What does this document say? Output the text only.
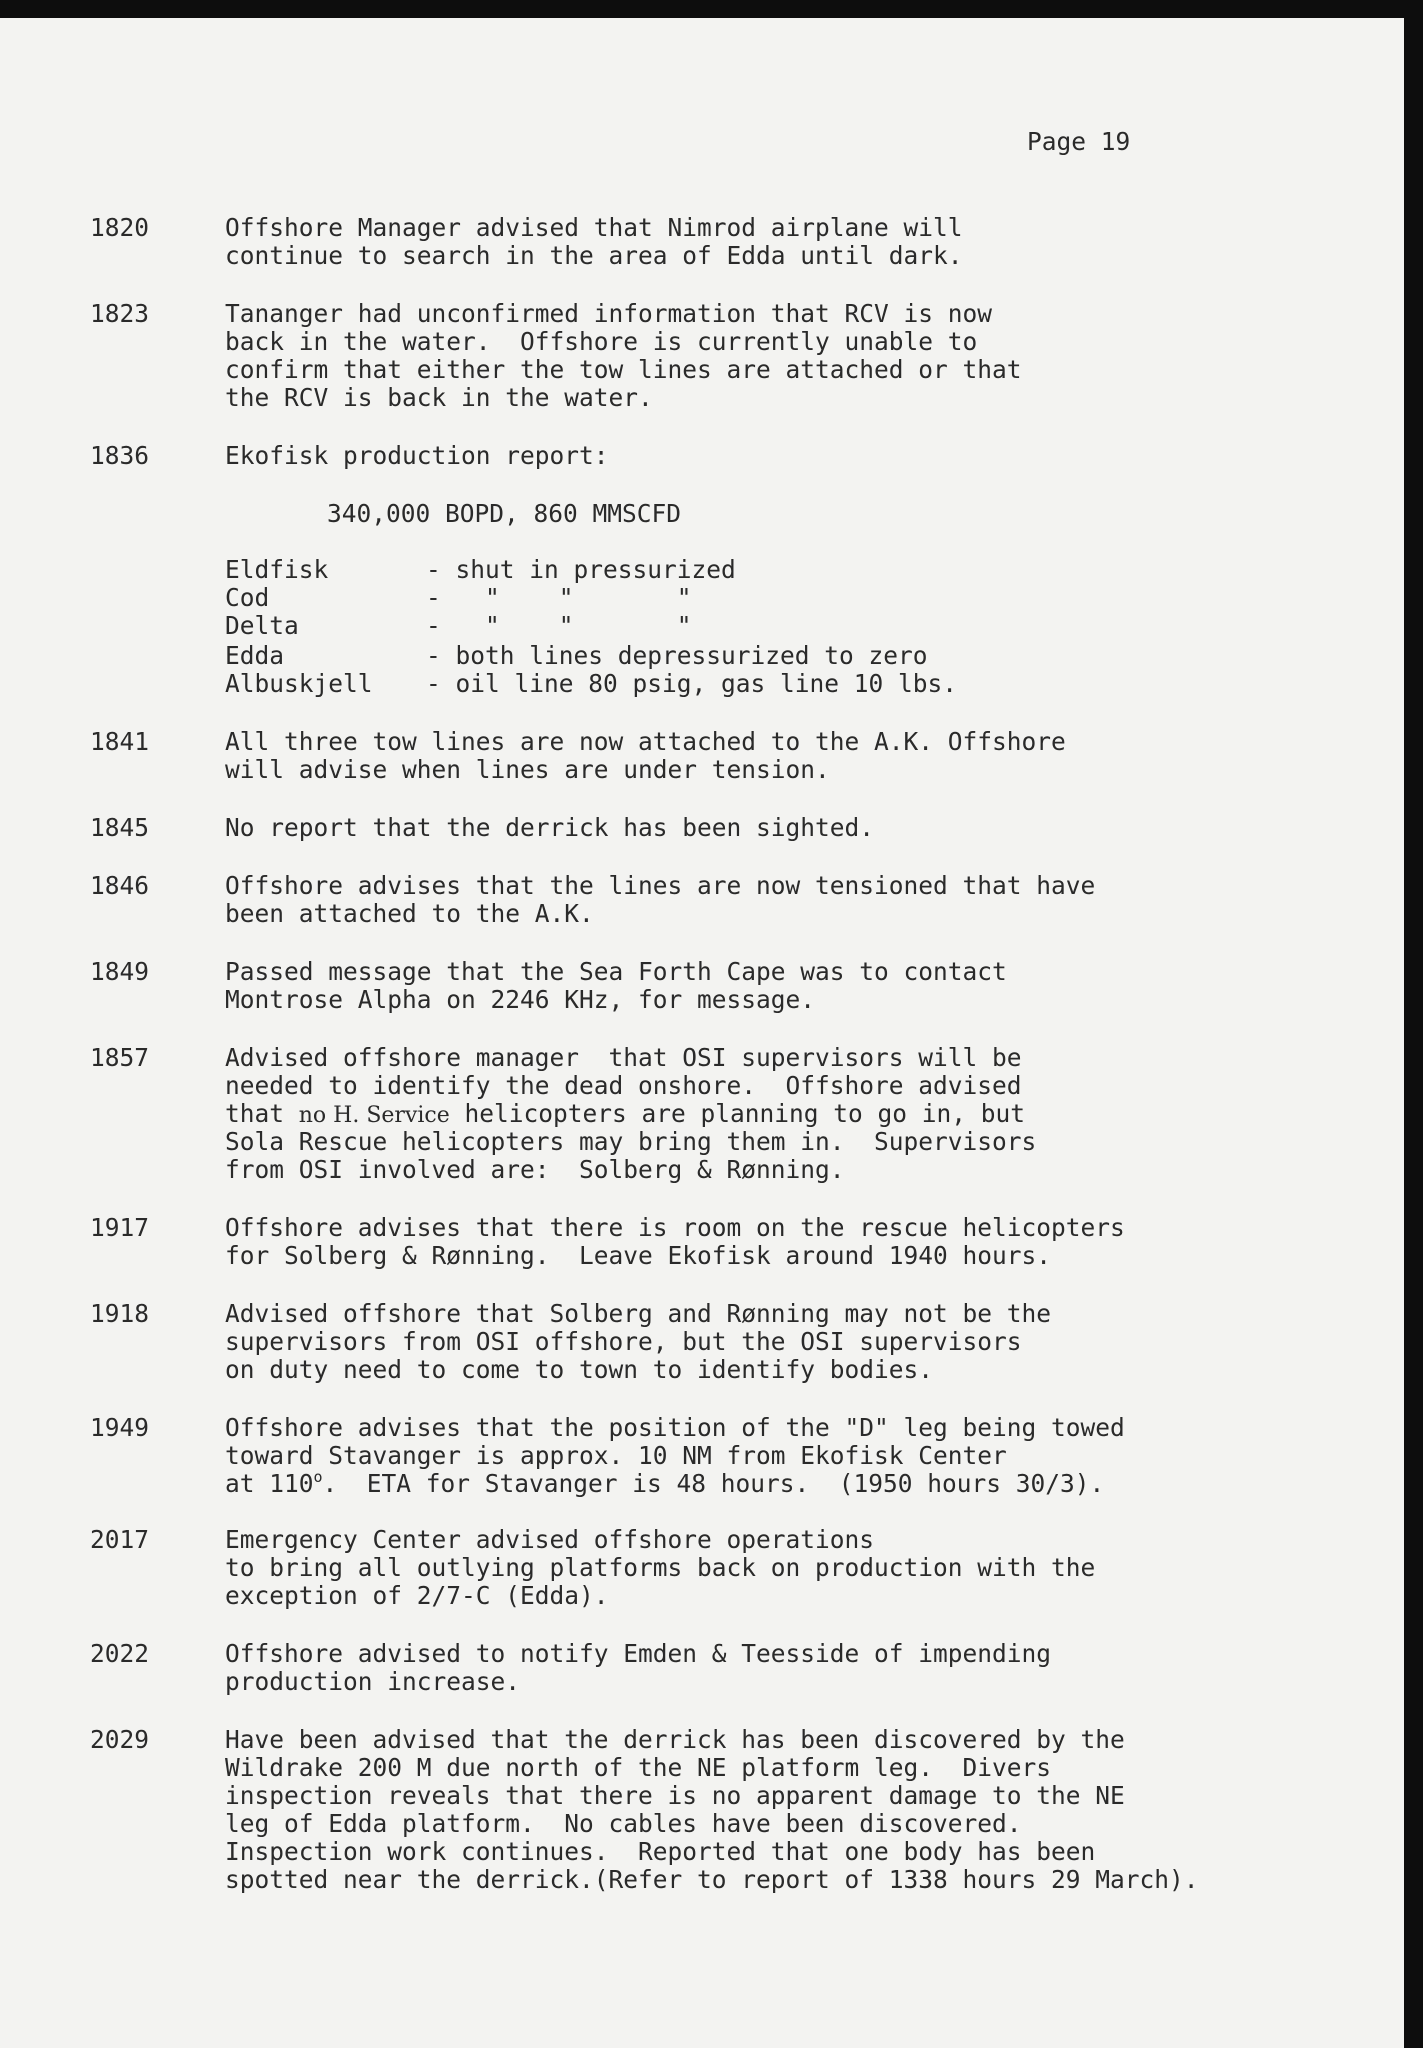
Page 19
1820	Offshore Manager advised that Nimrod airplane will
continue to search in the area of Edda until dark.
1823	Tananger had unconfirmed information that RCV is now
back in the water.  Offshore is currently unable to
confirm that either the tow lines are attached or that
the RCV is back in the water.
1836	Ekofisk production report:
340,000 BOPD, 860 MMSCFD
Eldfisk	- shut in pressurized
Cod	-   "    "       "
Delta	-   "    "       "
Edda	- both lines depressurized to zero
Albuskjell - oil line 80 psig, gas line 10 lbs.
1841	All three tow lines are now attached to the A.K. Offshore
will advise when lines are under tension.
1845	No report that the derrick has been sighted.
1846	Offshore advises that the lines are now tensioned that have
been attached to the A.K.
1849	Passed message that the Sea Forth Cape was to contact
Montrose Alpha on 2246 KHz, for message.
1857	Advised offshore manager  that OSI supervisors will be
needed to identify the dead onshore.  Offshore advised
that no H. Service helicopters are planning to go in, but
Sola Rescue helicopters may bring them in.  Supervisors
from OSI involved are:  Solberg & Rønning.
1917	Offshore advises that there is room on the rescue helicopters
for Solberg & Rønning.  Leave Ekofisk around 1940 hours.
1918	Advised offshore that Solberg and Rønning may not be the
supervisors from OSI offshore, but the OSI supervisors
on duty need to come to town to identify bodies.
1949	Offshore advises that the position of the "D" leg being towed
toward Stavanger is approx. 10 NM from Ekofisk Center
at 110$^o$.  ETA for Stavanger is 48 hours.  (1950 hours 30/3).
2017	Emergency Center advised offshore operations
to bring all outlying platforms back on production with the
exception of 2/7-C (Edda).
2022	Offshore advised to notify Emden & Teesside of impending
production increase.
2029	Have been advised that the derrick has been discovered by the
Wildrake 200 M due north of the NE platform leg.  Divers
inspection reveals that there is no apparent damage to the NE
leg of Edda platform.  No cables have been discovered.
Inspection work continues.  Reported that one body has been
spotted near the derrick.(Refer to report of 1338 hours 29 March).
